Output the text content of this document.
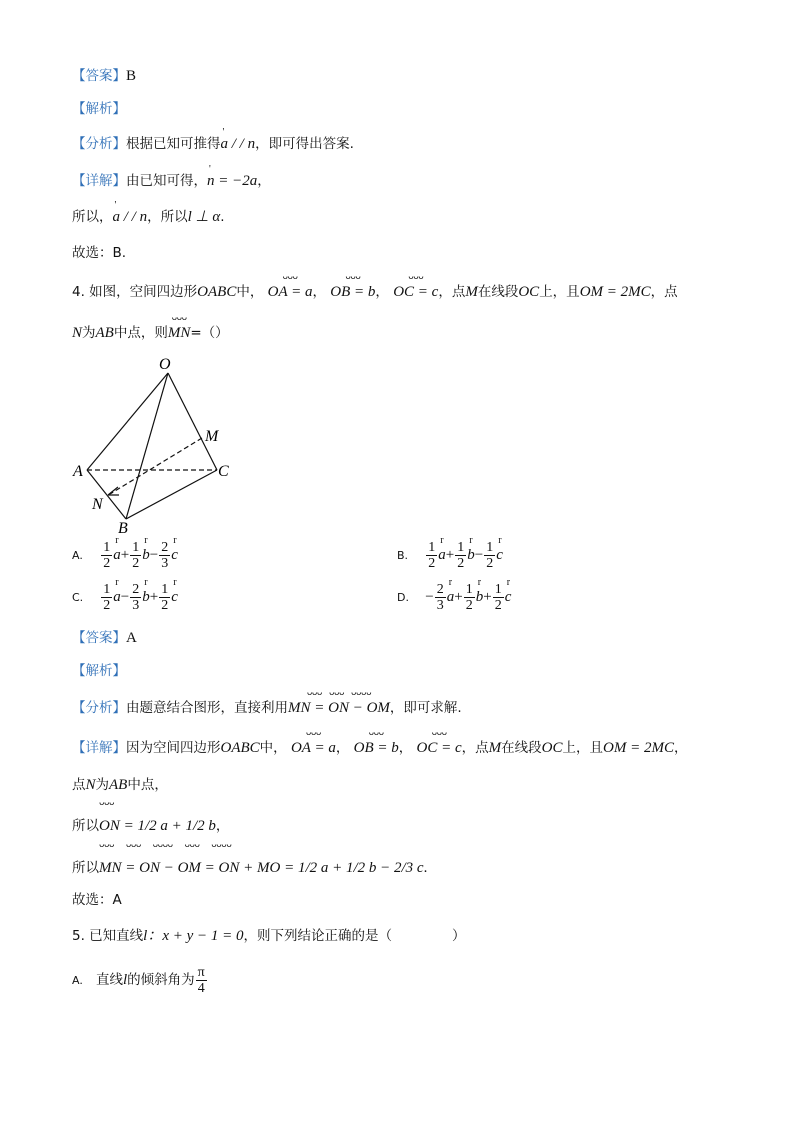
【答案】B
【解析】
【分析】根据已知可推得' a / / n，即可得出答案.
【详解】由已知可得，' n = −2a，
所以，' a / / n，所以l ⊥ α.
故选：B.
4. 如图，空间四边形OABC中，
ᴗᴗᴗ
OA = a，
ᴗᴗᴗ
OB = b，
ᴗᴗᴗ
OC = c，点M在线段OC上，且OM = 2MC，点
N为AB中点，则
ᴗᴗᴗ
MN=（）
O
M
A	C
N
B
A. $\frac{1}{2}$ r $a+ \frac{1}{2}$ r $b- \frac{2}{3}$ r c	B. $\frac{1}{2}$ r $a+ \frac{1}{2}$ r $b- \frac{1}{2}$ r c
C. $\frac{1}{2}$ r $a- \frac{2}{3}$ r $b+ \frac{1}{2}$ r c	D. − $\frac{2}{3}$ r $a+ \frac{1}{2}$ r $b+ \frac{1}{2}$ r c
【答案】A
【解析】
【分析】由题意结合图形，直接利用
ᴗᴗᴗ   ᴗᴗᴗ   ᴗᴗᴗᴗ
MN = ON − OM，即可求解.
【详解】因为空间四边形OABC中，
ᴗᴗᴗ
OA = a，
ᴗᴗᴗ
OB = b，
ᴗᴗᴗ
OC = c，点M在线段OC上，且OM = 2MC，
点N为AB中点，
所以
ᴗᴗᴗ
ON = 1/2 a + 1/2 b，
所以
ᴗᴗᴗ     ᴗᴗᴗ     ᴗᴗᴗᴗ     ᴗᴗᴗ     ᴗᴗᴗᴗ
MN = ON − OM = ON + MO = 1/2 a + 1/2 b − 2/3 c.
故选：A
5. 已知直线l：x + y − 1 = 0，则下列结论正确的是（	）
A. 直线l的倾斜角为 $\frac{\pi}{4}$
